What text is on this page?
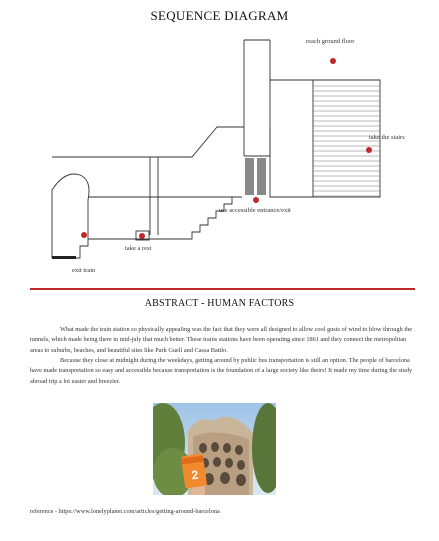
SEQUENCE DIAGRAM
reach ground floor
take the stairs
use accessible entrance/exit
take a rest
exit train
ABSTRACT - HUMAN FACTORS

What made the train station so physically appealing was the fact that they were all designed to allow cool gusts of wind to blow through the tunnels, which made being there in mid-july that much better. These trains stations have been operating since 1861 and they connect the metropolitan areas to suburbs, beaches, and beautiful sites like Park Guell and Cassa Battlo.

Because they close at midnight during the weekdays, getting around by public bus transportation is still an option. The people of barcelona have made transportation so easy and accessible because transportation is the foundation of a large society like theirs! It made my time during the study abroad trip a lot easier and breezier.

2
reference - https://www.lonelyplanet.com/articles/getting-around-barcelona
